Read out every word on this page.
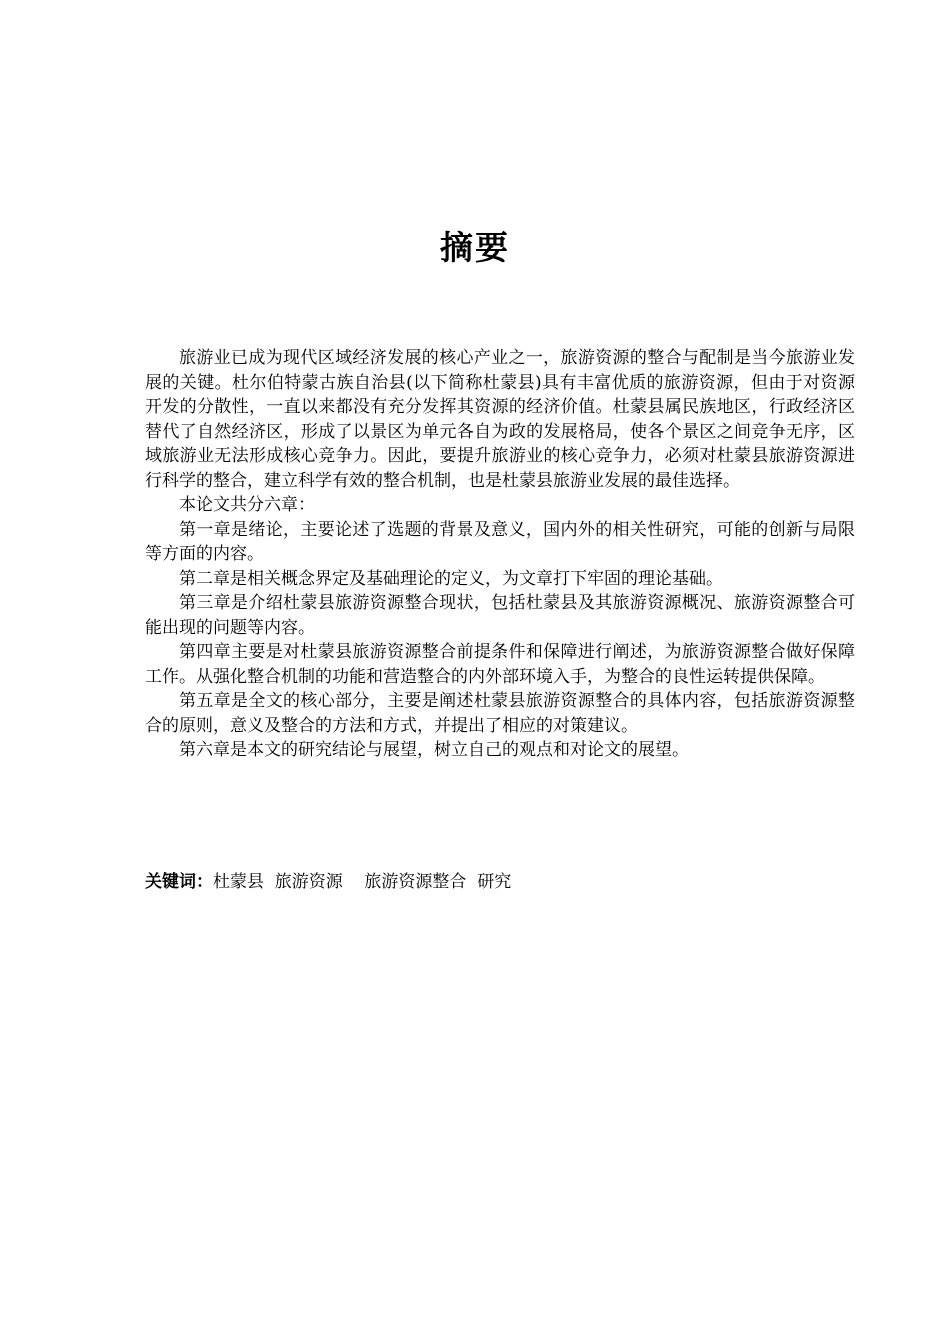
摘要

旅游业已成为现代区域经济发展的核心产业之一，旅游资源的整合与配制是当今旅游业发展的关键。杜尔伯特蒙古族自治县(以下简称杜蒙县)具有丰富优质的旅游资源，但由于对资源开发的分散性，一直以来都没有充分发挥其资源的经济价值。杜蒙县属民族地区，行政经济区替代了自然经济区，形成了以景区为单元各自为政的发展格局，使各个景区之间竞争无序，区域旅游业无法形成核心竞争力。因此，要提升旅游业的核心竞争力，必须对杜蒙县旅游资源进行科学的整合，建立科学有效的整合机制，也是杜蒙县旅游业发展的最佳选择。

本论文共分六章：

第一章是绪论，主要论述了选题的背景及意义，国内外的相关性研究，可能的创新与局限等方面的内容。

第二章是相关概念界定及基础理论的定义，为文章打下牢固的理论基础。

第三章是介绍杜蒙县旅游资源整合现状，包括杜蒙县及其旅游资源概况、旅游资源整合可能出现的问题等内容。

第四章主要是对杜蒙县旅游资源整合前提条件和保障进行阐述，为旅游资源整合做好保障工作。从强化整合机制的功能和营造整合的内外部环境入手，为整合的良性运转提供保障。

第五章是全文的核心部分，主要是阐述杜蒙县旅游资源整合的具体内容，包括旅游资源整合的原则，意义及整合的方法和方式，并提出了相应的对策建议。

第六章是本文的研究结论与展望，树立自己的观点和对论文的展望。

关键词：杜蒙县  旅游资源    旅游资源整合  研究
